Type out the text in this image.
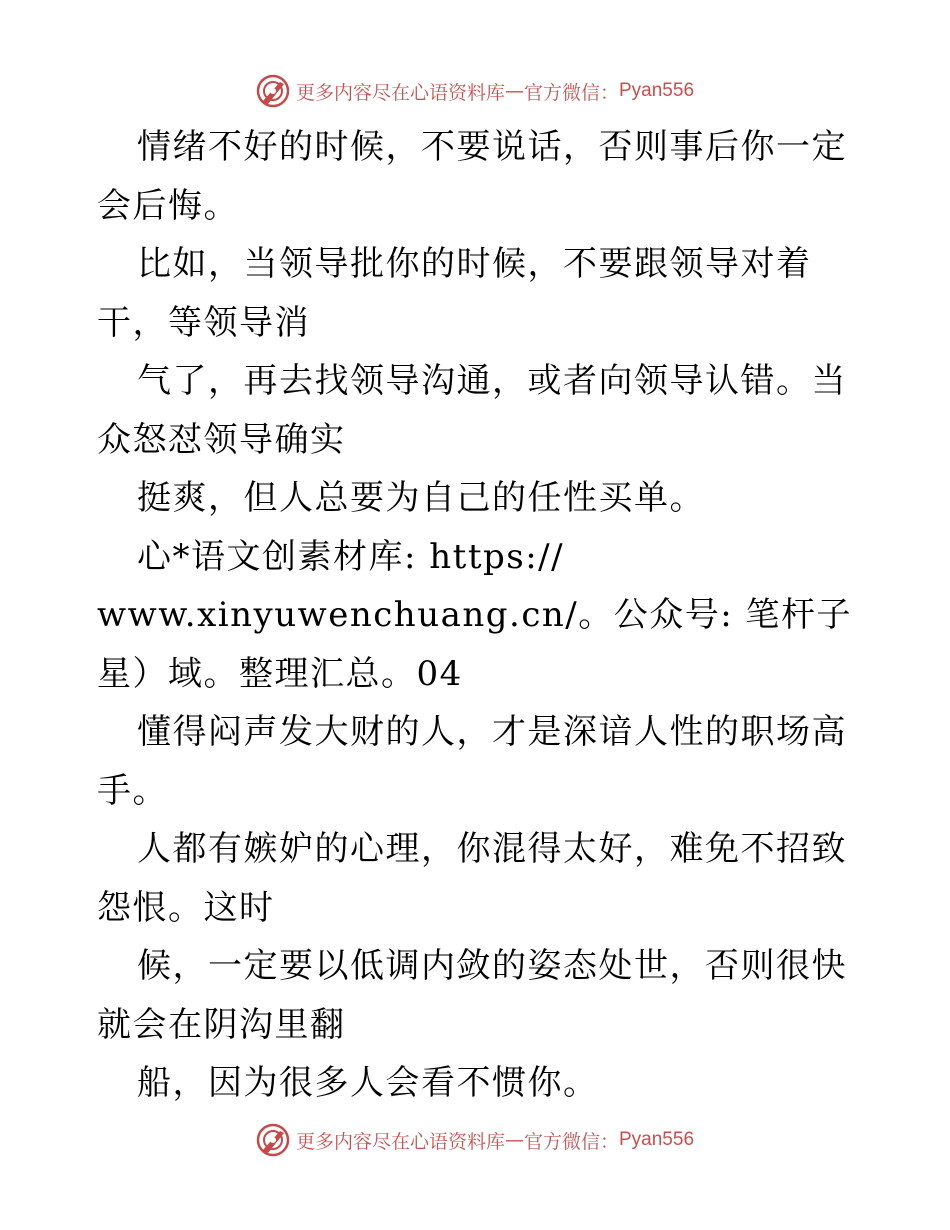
更多内容尽在心语资料库 — 官方微信： Pyan556

情绪不好的时候，不要说话，否则事后你一定会后悔。

比如，当领导批你的时候，不要跟领导对着干，等领导消

气了，再去找领导沟通，或者向领导认错。当众怒怼领导确实

挺爽，但人总要为自己的任性买单。

心*语文创素材库: https://

www.xinyuwenchuang.cn/。公众号: 笔杆子星）域。整理汇总。04

懂得闷声发大财的人，才是深谙人性的职场高手。

人都有嫉妒的心理，你混得太好，难免不招致怨恨。这时

候，一定要以低调内敛的姿态处世，否则很快就会在阴沟里翻

船，因为很多人会看不惯你。

更多内容尽在心语资料库 — 官方微信： Pyan556
